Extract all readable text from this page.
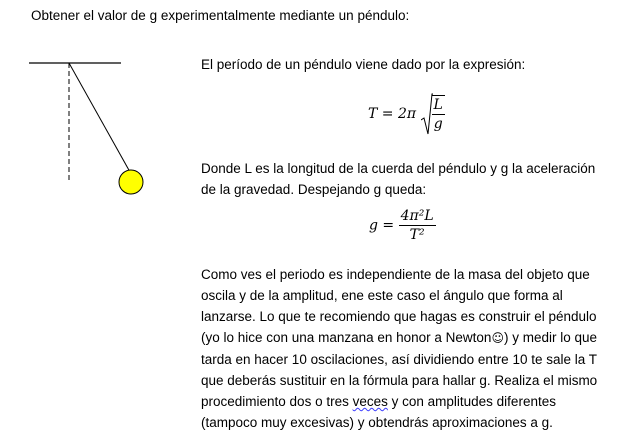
Obtener el valor de g experimentalmente mediante un péndulo:
El período de un péndulo viene dado por la expresión:
$T = 2\pi \frac{L}{g}$
Donde L es la longitud de la cuerda del péndulo y g la aceleración
de la gravedad. Despejando g queda:
$g = \frac{\text{4π²L}}{\text{T²}}$
Como ves el periodo es independiente de la masa del objeto que
oscila y de la amplitud, ene este caso el ángulo que forma al
lanzarse. Lo que te recomiendo que hagas es construir el péndulo
(yo lo hice con una manzana en honor a Newton☺) y medir lo que
tarda en hacer 10 oscilaciones, así dividiendo entre 10 te sale la T
que deberás sustituir en la fórmula para hallar g. Realiza el mismo
procedimiento dos o tres veces y con amplitudes diferentes
(tampoco muy excesivas) y obtendrás aproximaciones a g.
